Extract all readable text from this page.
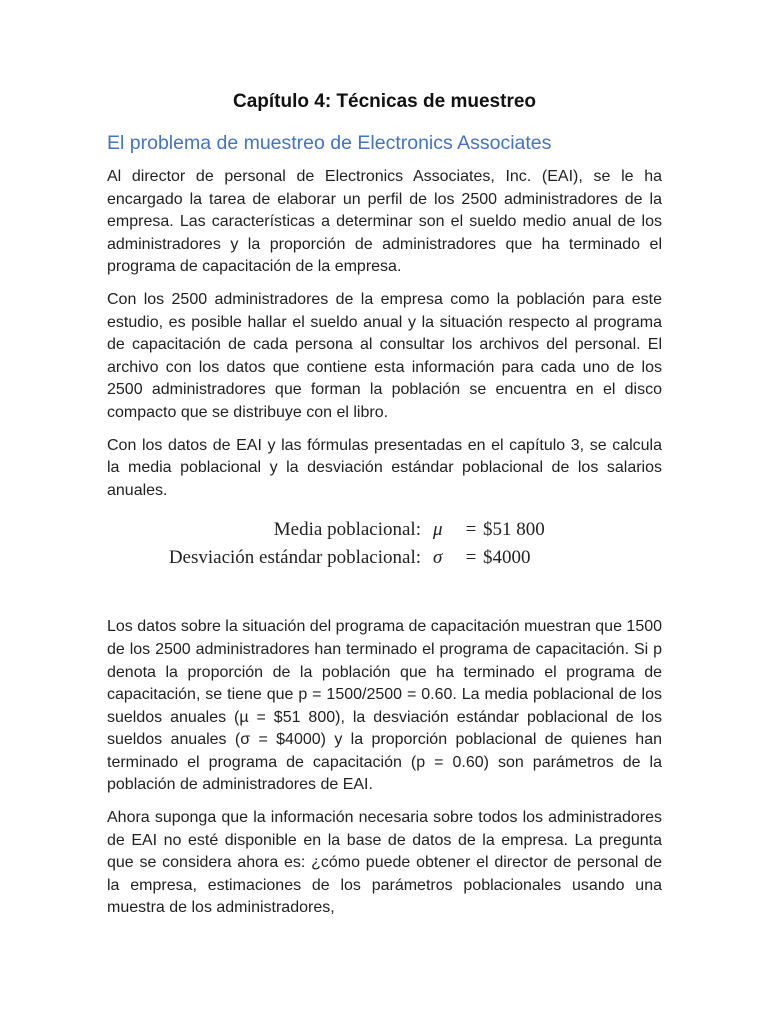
Capítulo 4: Técnicas de muestreo
El problema de muestreo de Electronics Associates

Al director de personal de Electronics Associates, Inc. (EAI), se le ha encargado la tarea de elaborar un perfil de los 2500 administradores de la empresa. Las características a determinar son el sueldo medio anual de los administradores y la proporción de administradores que ha terminado el programa de capacitación de la empresa.

Con los 2500 administradores de la empresa como la población para este estudio, es posible hallar el sueldo anual y la situación respecto al programa de capacitación de cada persona al consultar los archivos del personal. El archivo con los datos que contiene esta información para cada uno de los 2500 administradores que forman la población se encuentra en el disco compacto que se distribuye con el libro.

Con los datos de EAI y las fórmulas presentadas en el capítulo 3, se calcula la media poblacional y la desviación estándar poblacional de los salarios anuales.

Media poblacional: μ	= $51 800
Desviación estándar poblacional: σ	= $4000

Los datos sobre la situación del programa de capacitación muestran que 1500 de los 2500 administradores han terminado el programa de capacitación. Si p denota la proporción de la población que ha terminado el programa de capacitación, se tiene que p = 1500/2500 = 0.60. La media poblacional de los sueldos anuales (µ = $51 800), la desviación estándar poblacional de los sueldos anuales (σ = $4000) y la proporción poblacional de quienes han terminado el programa de capacitación (p = 0.60) son parámetros de la población de administradores de EAI.

Ahora suponga que la información necesaria sobre todos los administradores de EAI no esté disponible en la base de datos de la empresa. La pregunta que se considera ahora es: ¿cómo puede obtener el director de personal de la empresa, estimaciones de los parámetros poblacionales usando una muestra de los administradores,
